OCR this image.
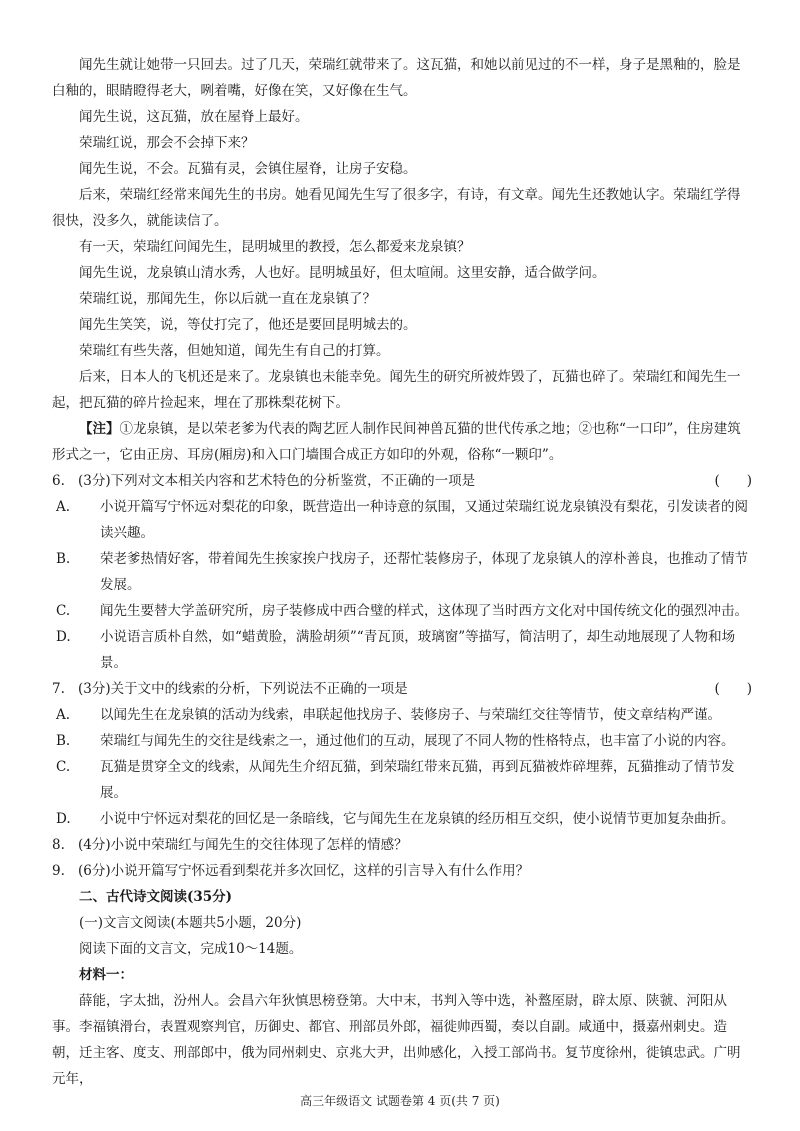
闻先生就让她带一只回去。过了几天，荣瑞红就带来了。这瓦猫，和她以前见过的不一样，身子是黑釉的，脸是白釉的，眼睛瞪得老大，咧着嘴，好像在笑，又好像在生气。

闻先生说，这瓦猫，放在屋脊上最好。

荣瑞红说，那会不会掉下来？

闻先生说，不会。瓦猫有灵，会镇住屋脊，让房子安稳。

后来，荣瑞红经常来闻先生的书房。她看见闻先生写了很多字，有诗，有文章。闻先生还教她认字。荣瑞红学得很快，没多久，就能读信了。

有一天，荣瑞红问闻先生，昆明城里的教授，怎么都爱来龙泉镇？

闻先生说，龙泉镇山清水秀，人也好。昆明城虽好，但太喧闹。这里安静，适合做学问。

荣瑞红说，那闻先生，你以后就一直在龙泉镇了？

闻先生笑笑，说，等仗打完了，他还是要回昆明城去的。

荣瑞红有些失落，但她知道，闻先生有自己的打算。

后来，日本人的飞机还是来了。龙泉镇也未能幸免。闻先生的研究所被炸毁了，瓦猫也碎了。荣瑞红和闻先生一起，把瓦猫的碎片捡起来，埋在了那株梨花树下。

【注】①龙泉镇，是以荣老爹为代表的陶艺匠人制作民间神兽瓦猫的世代传承之地；②也称“一口印”，住房建筑形式之一，它由正房、耳房(厢房)和入口门墙围合成正方如印的外观，俗称“一颗印”。

6. (3分)下列对文本相关内容和艺术特色的分析鉴赏，不正确的一项是	(　　)

A. 小说开篇写宁怀远对梨花的印象，既营造出一种诗意的氛围，又通过荣瑞红说龙泉镇没有梨花，引发读者的阅读兴趣。

B. 荣老爹热情好客，带着闻先生挨家挨户找房子，还帮忙装修房子，体现了龙泉镇人的淳朴善良，也推动了情节发展。

C. 闻先生要替大学盖研究所，房子装修成中西合璧的样式，这体现了当时西方文化对中国传统文化的强烈冲击。

D. 小说语言质朴自然，如“蜡黄脸，满脸胡须”“青瓦顶，玻璃窗”等描写，简洁明了，却生动地展现了人物和场景。

7. (3分)关于文中的线索的分析，下列说法不正确的一项是	(　　)

A. 以闻先生在龙泉镇的活动为线索，串联起他找房子、装修房子、与荣瑞红交往等情节，使文章结构严谨。

B. 荣瑞红与闻先生的交往是线索之一，通过他们的互动，展现了不同人物的性格特点，也丰富了小说的内容。

C. 瓦猫是贯穿全文的线索，从闻先生介绍瓦猫，到荣瑞红带来瓦猫，再到瓦猫被炸碎埋葬，瓦猫推动了情节发展。

D. 小说中宁怀远对梨花的回忆是一条暗线，它与闻先生在龙泉镇的经历相互交织，使小说情节更加复杂曲折。

8. (4分)小说中荣瑞红与闻先生的交往体现了怎样的情感？
9. (6分)小说开篇写宁怀远看到梨花并多次回忆，这样的引言导入有什么作用？

二、古代诗文阅读(35分)

(一)文言文阅读(本题共5小题，20分)

阅读下面的文言文，完成10～14题。

材料一：

薛能，字太拙，汾州人。会昌六年狄慎思榜登第。大中末，书判入等中选，补盩厔尉，辟太原、陕虢、河阳从事。李福镇滑台，表置观察判官，历御史、都官、刑部员外郎，福徙帅西蜀，奏以自副。咸通中，摄嘉州刺史。造朝，迁主客、度支、刑部郎中，俄为同州刺史、京兆大尹，出帅感化，入授工部尚书。复节度徐州，徙镇忠武。广明元年，

高三年级语文 试题卷第 4 页(共 7 页)
